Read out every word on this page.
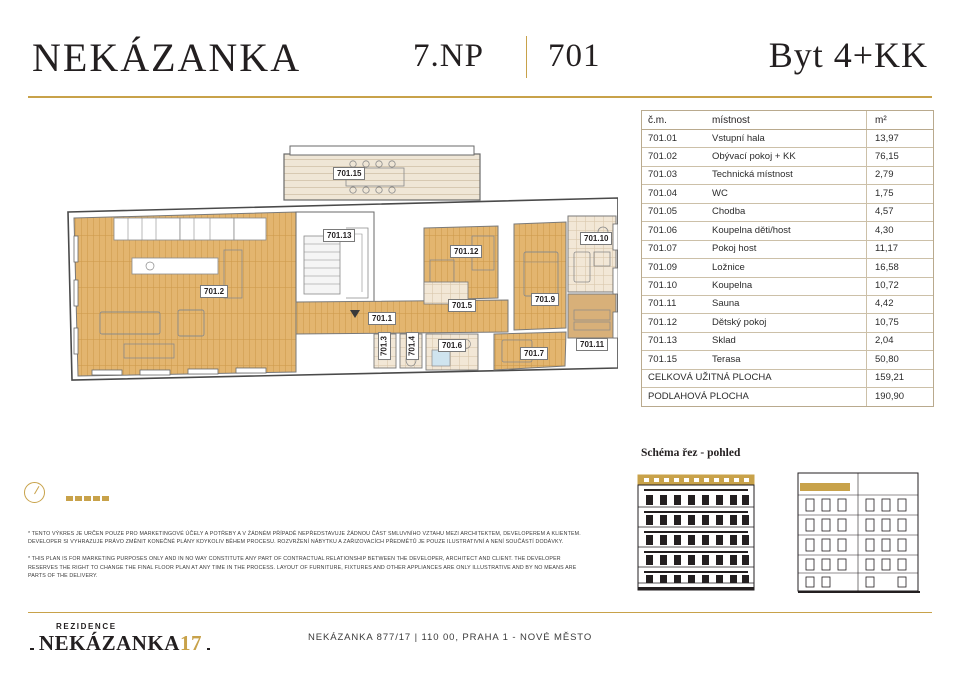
NEKÁZANKA	7.NP 701	Byt 4+KK
č.m.	místnost	m²
701.01	Vstupní hala	13,97
701.02	Obývací pokoj + KK	76,15
701.03	Technická místnost	2,79
701.04	WC	1,75
701.05	Chodba	4,57
701.06	Koupelna děti/host	4,30
701.07	Pokoj host	11,17
701.09	Ložnice	16,58
701.10	Koupelna	10,72
701.11	Sauna	4,42
701.12	Dětský pokoj	10,75
701.13	Sklad	2,04
701.15	Terasa	50,80
CELKOVÁ UŽITNÁ PLOCHA		159,21
PODLAHOVÁ PLOCHA		190,90
701.15
701.13
701.12
701.10
701.2
701.9
701.5
701.1
701.11
701.3	701.4	701.6
701.7

* TENTO VÝKRES JE URČEN POUZE PRO MARKETINGOVÉ ÚČELY A POTŘEBY A V ŽÁDNÉM PŘÍPADĚ NEPŘEDSTAVUJE ŽÁDNOU ČÁST SMLUVNÍHO VZTAHU MEZI ARCHITEKTEM, DEVELOPEREM A KLIENTEM. DEVELOPER SI VYHRAZUJE PRÁVO ZMĚNIT KONEČNÉ PLÁNY KDYKOLIV BĚHEM PROCESU. ROZVRŽENÍ NÁBYTKU A ZAŘIZOVACÍCH PŘEDMĚTŮ JE POUZE ILUSTRATIVNÍ A NENÍ SOUČÁSTÍ DODÁVKY.

* THIS PLAN IS FOR MARKETING PURPOSES ONLY AND IN NO WAY CONSTITUTE ANY PART OF CONTRACTUAL RELATIONSHIP BETWEEN THE DEVELOPER, ARCHITECT AND CLIENT. THE DEVELOPER RESERVES THE RIGHT TO CHANGE THE FINAL FLOOR PLAN AT ANY TIME IN THE PROCESS. LAYOUT OF FURNITURE, FIXTURES AND OTHER APPLIANCES ARE ONLY ILLUSTRATIVE AND BY NO MEANS ARE PARTS OF THE DELIVERY.

Schéma řez - pohled
REZIDENCE
NEKÁZANKA 17	NEKÁZANKA 877/17 | 110 00, PRAHA 1 - NOVÉ MĚSTO
